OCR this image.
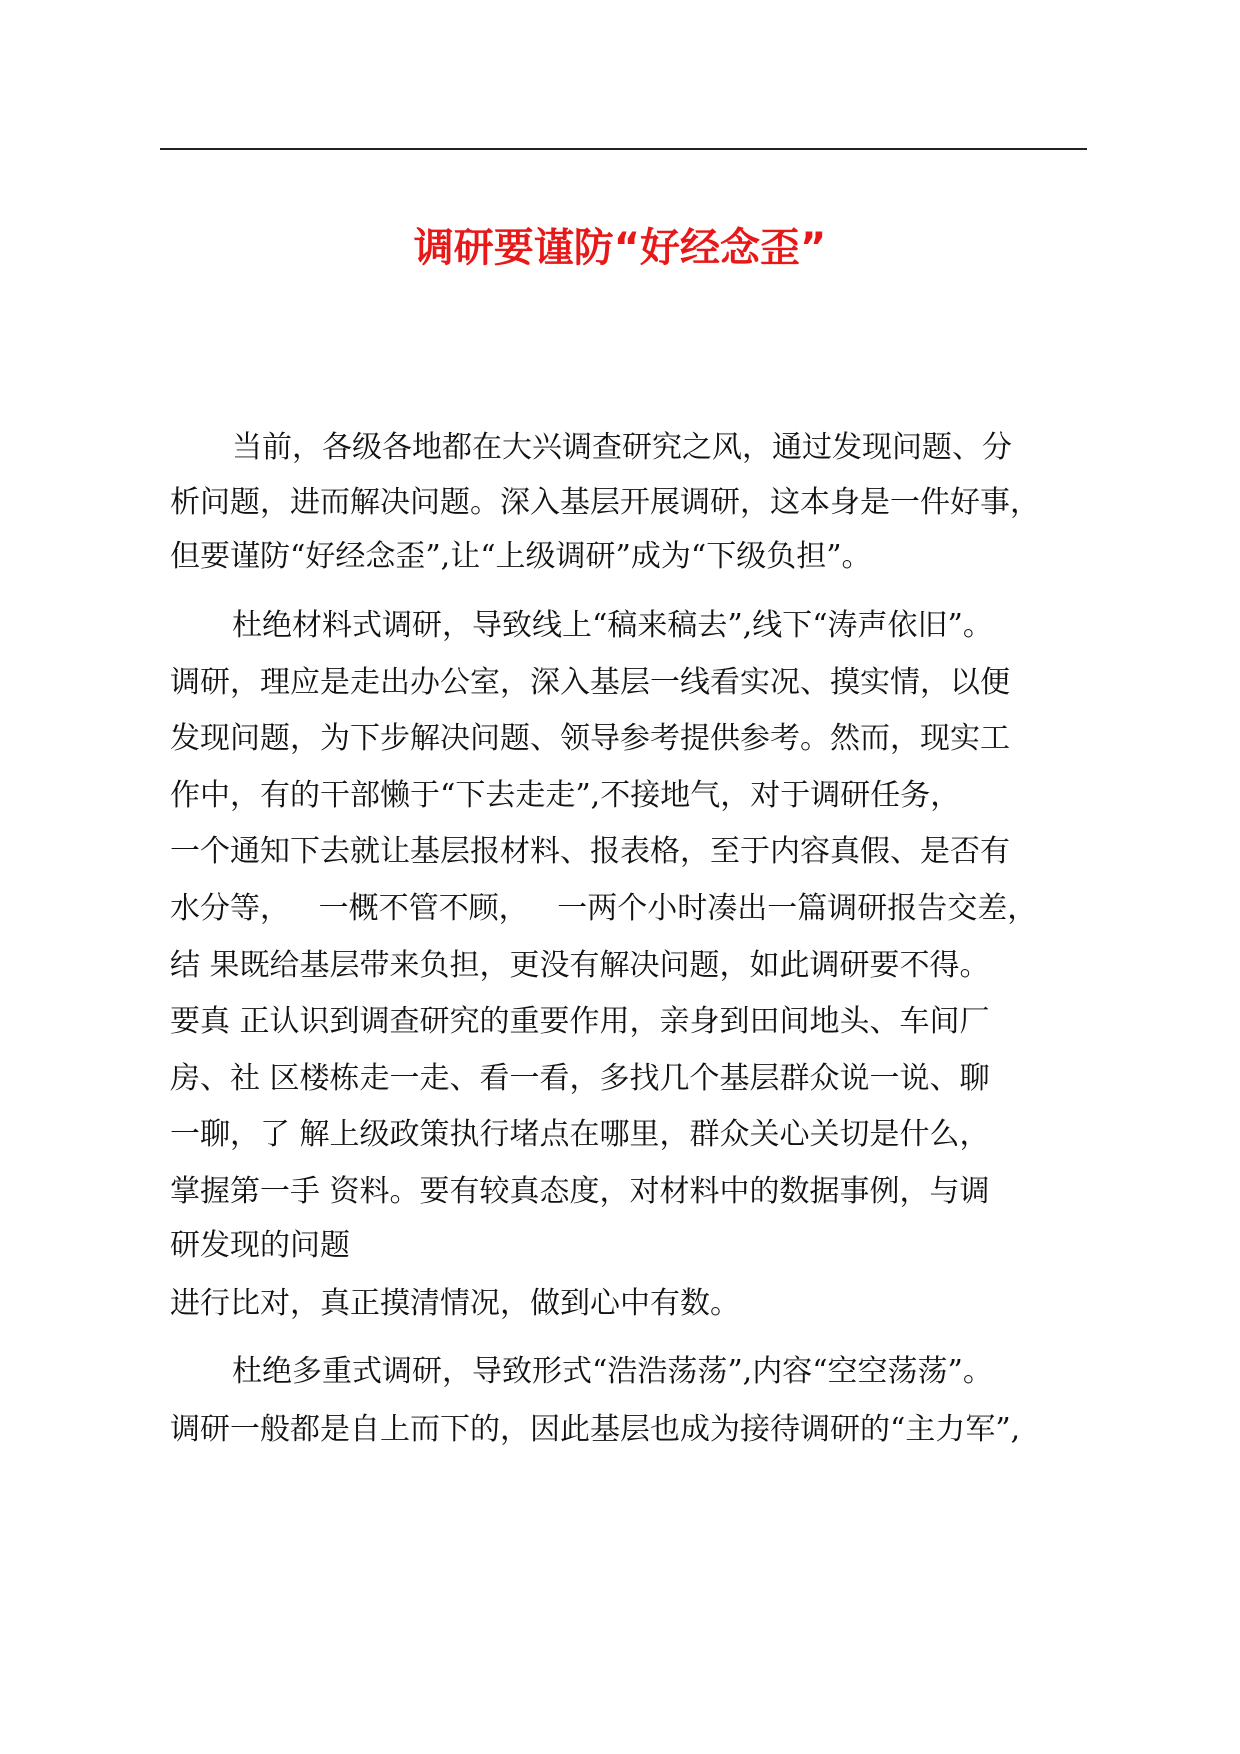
调研要谨防“好经念歪”

当前，各级各地都在大兴调查研究之风，通过发现问题、分

析问题，进而解决问题。深入基层开展调研，这本身是一件好事，

但要谨防“好经念歪”,让“上级调研”成为“下级负担”。

杜绝材料式调研，导致线上“稿来稿去”,线下“涛声依旧”。

调研，理应是走出办公室，深入基层一线看实况、摸实情，以便

发现问题，为下步解决问题、领导参考提供参考。然而，现实工

作中，有的干部懒于“下去走走”,不接地气，对于调研任务，

一个通知下去就让基层报材料、报表格，至于内容真假、是否有

水分等，   一概不管不顾，   一两个小时凑出一篇调研报告交差，

结 果既给基层带来负担，更没有解决问题，如此调研要不得。

要真 正认识到调查研究的重要作用，亲身到田间地头、车间厂

房、社 区楼栋走一走、看一看，多找几个基层群众说一说、聊

一聊，了 解上级政策执行堵点在哪里，群众关心关切是什么，

掌握第一手 资料。要有较真态度，对材料中的数据事例，与调

研发现的问题

进行比对，真正摸清情况，做到心中有数。

杜绝多重式调研，导致形式“浩浩荡荡”,内容“空空荡荡”。

调研一般都是自上而下的，因此基层也成为接待调研的“主力军”,
